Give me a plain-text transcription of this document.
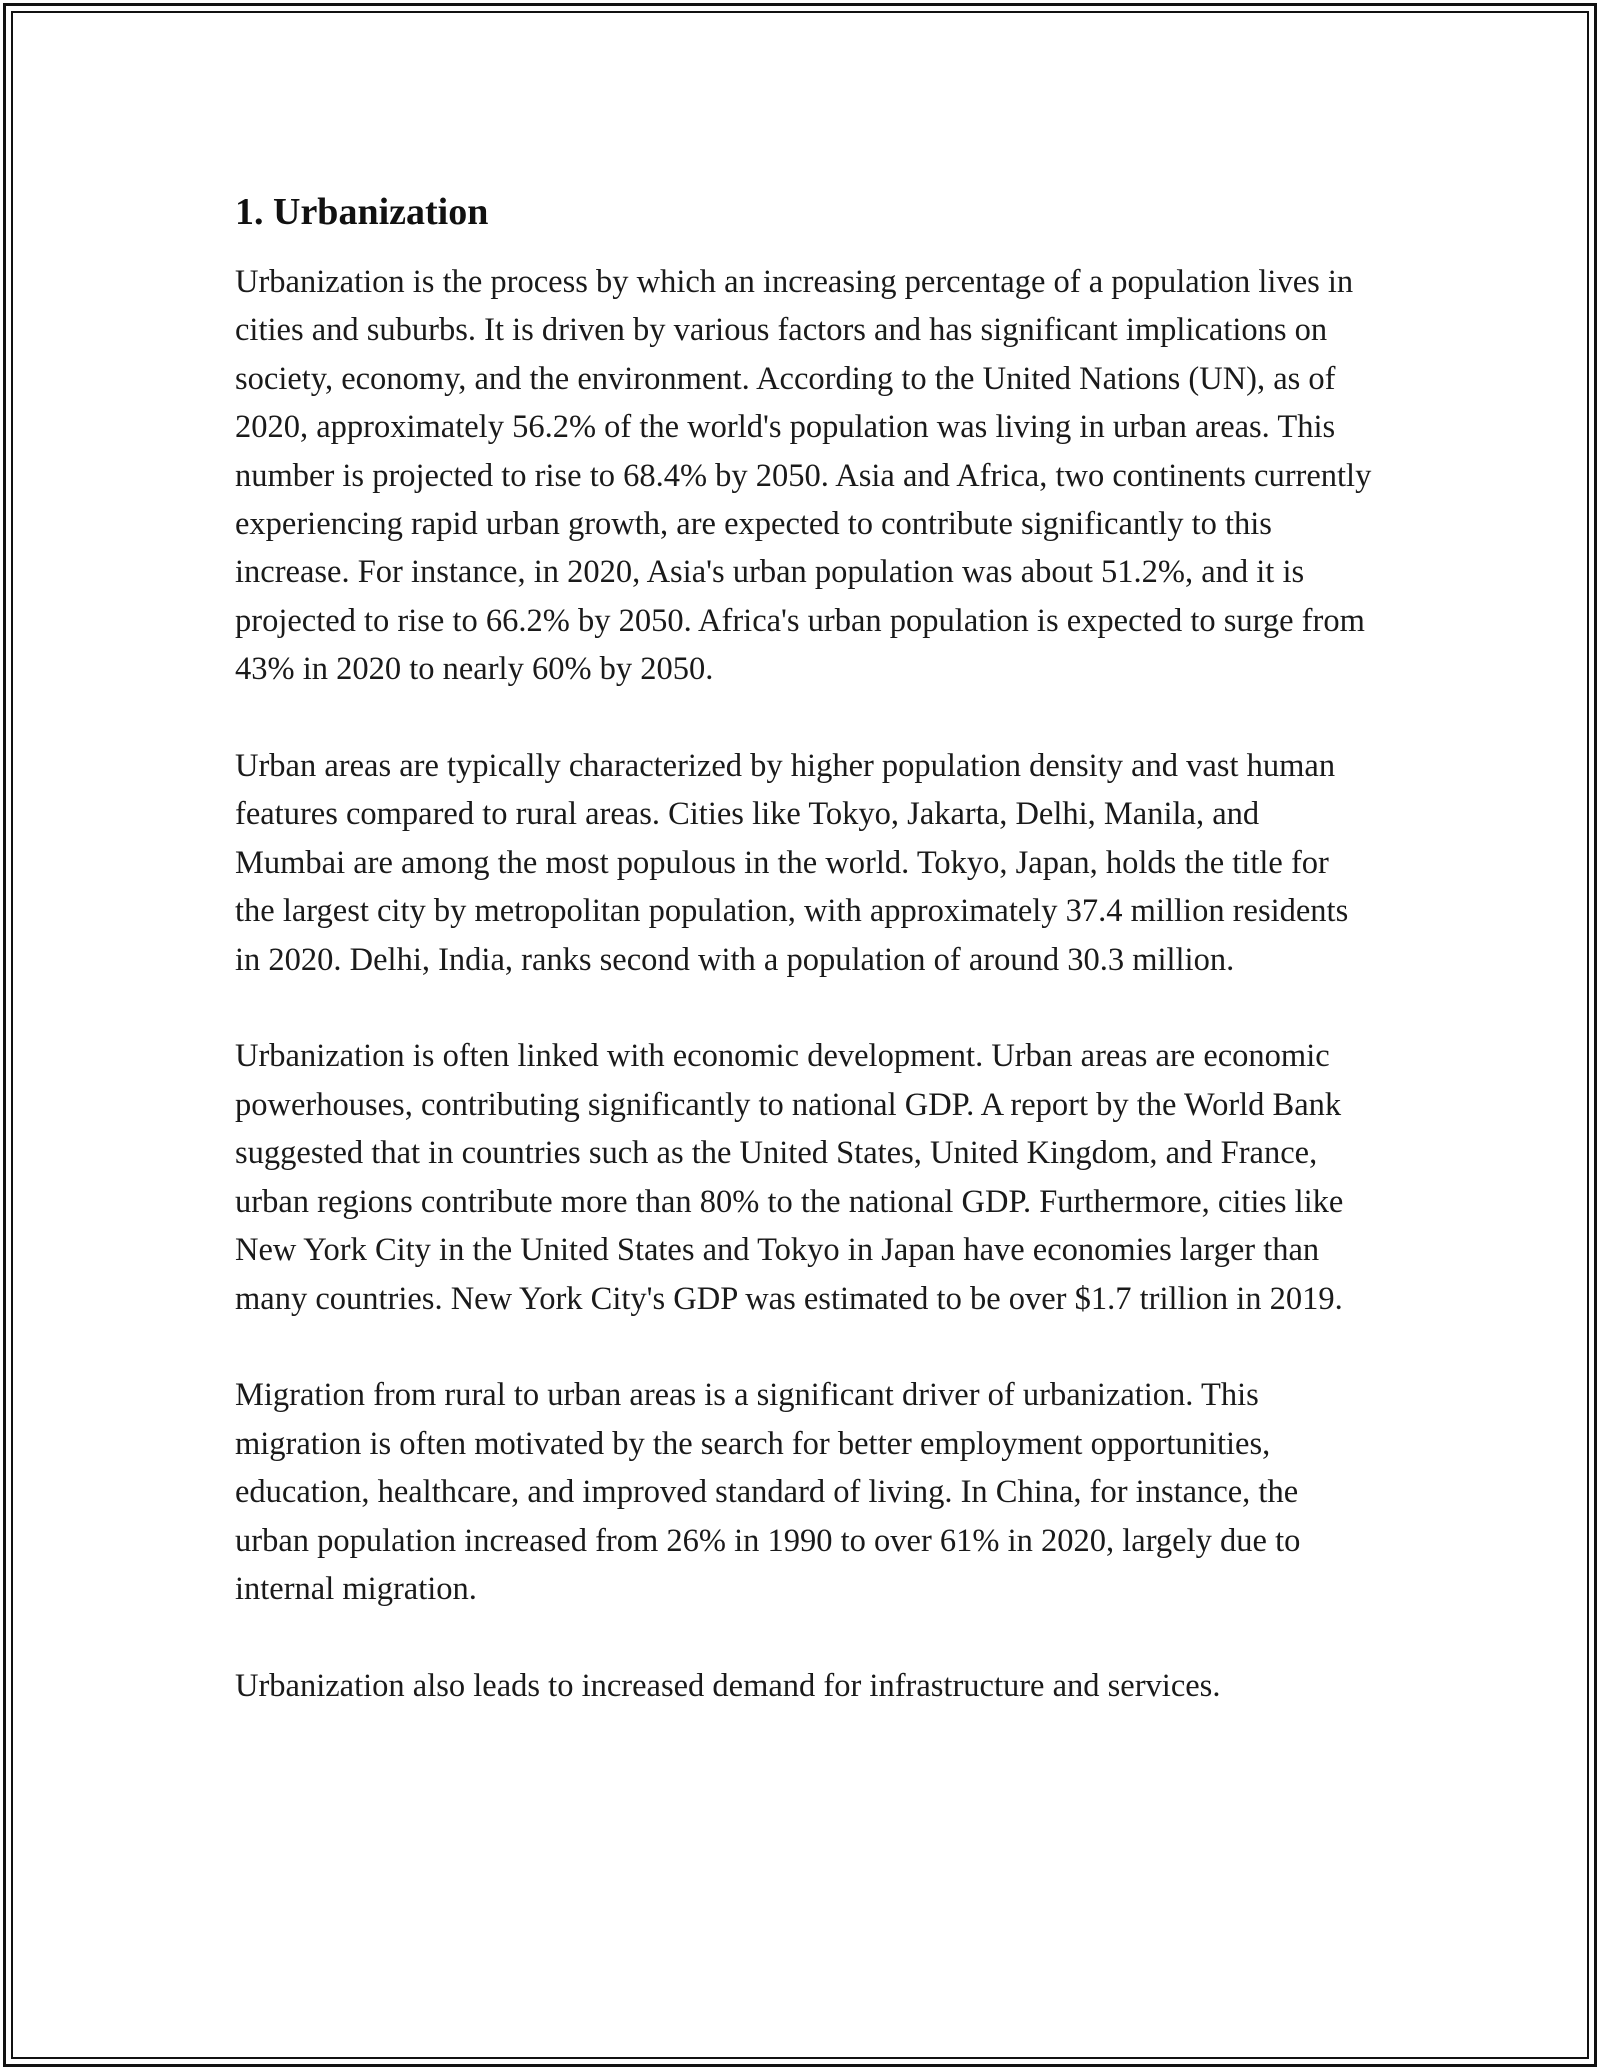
1. Urbanization

Urbanization is the process by which an increasing percentage of a population lives in cities and suburbs. It is driven by various factors and has significant implications on society, economy, and the environment. According to the United Nations (UN), as of 2020, approximately 56.2% of the world's population was living in urban areas. This number is projected to rise to 68.4% by 2050. Asia and Africa, two continents currently experiencing rapid urban growth, are expected to contribute significantly to this increase. For instance, in 2020, Asia's urban population was about 51.2%, and it is projected to rise to 66.2% by 2050. Africa's urban population is expected to surge from 43% in 2020 to nearly 60% by 2050.

Urban areas are typically characterized by higher population density and vast human features compared to rural areas. Cities like Tokyo, Jakarta, Delhi, Manila, and Mumbai are among the most populous in the world. Tokyo, Japan, holds the title for the largest city by metropolitan population, with approximately 37.4 million residents in 2020. Delhi, India, ranks second with a population of around 30.3 million.

Urbanization is often linked with economic development. Urban areas are economic powerhouses, contributing significantly to national GDP. A report by the World Bank suggested that in countries such as the United States, United Kingdom, and France, urban regions contribute more than 80% to the national GDP. Furthermore, cities like New York City in the United States and Tokyo in Japan have economies larger than many countries. New York City's GDP was estimated to be over $1.7 trillion in 2019.

Migration from rural to urban areas is a significant driver of urbanization. This migration is often motivated by the search for better employment opportunities, education, healthcare, and improved standard of living. In China, for instance, the urban population increased from 26% in 1990 to over 61% in 2020, largely due to internal migration.

Urbanization also leads to increased demand for infrastructure and services.
